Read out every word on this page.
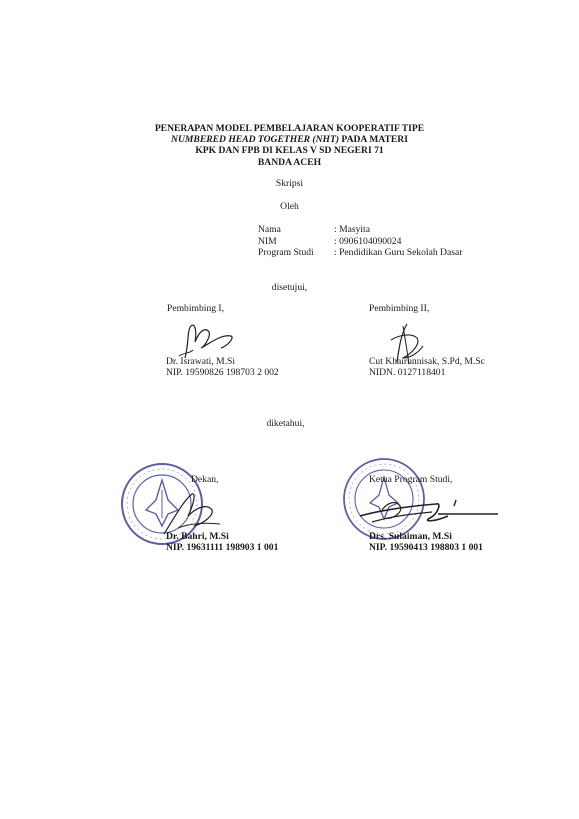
PENERAPAN MODEL PEMBELAJARAN KOOPERATIF TIPE
NUMBERED HEAD TOGETHER (NHT) PADA MATERI
KPK DAN FPB DI KELAS V SD NEGERI 71
BANDA ACEH
Skripsi
Oleh
Nama	: Masyita
NIM	: 0906104090024
Program Studi	: Pendidikan Guru Sekolah Dasar
disetujui,
Pembimbing I,
Dr. Israwati, M.Si
NIP. 19590826 198703 2 002
Pembimbing II,
Cut Khairunnisak, S.Pd, M.Sc
NIDN. 0127118401
diketahui,
Dekan,
Dr. Bahri, M.Si
NIP. 19631111 198903 1 001
Ketua Program Studi,
Drs. Sulaiman, M.Si
NIP. 19590413 198803 1 001
